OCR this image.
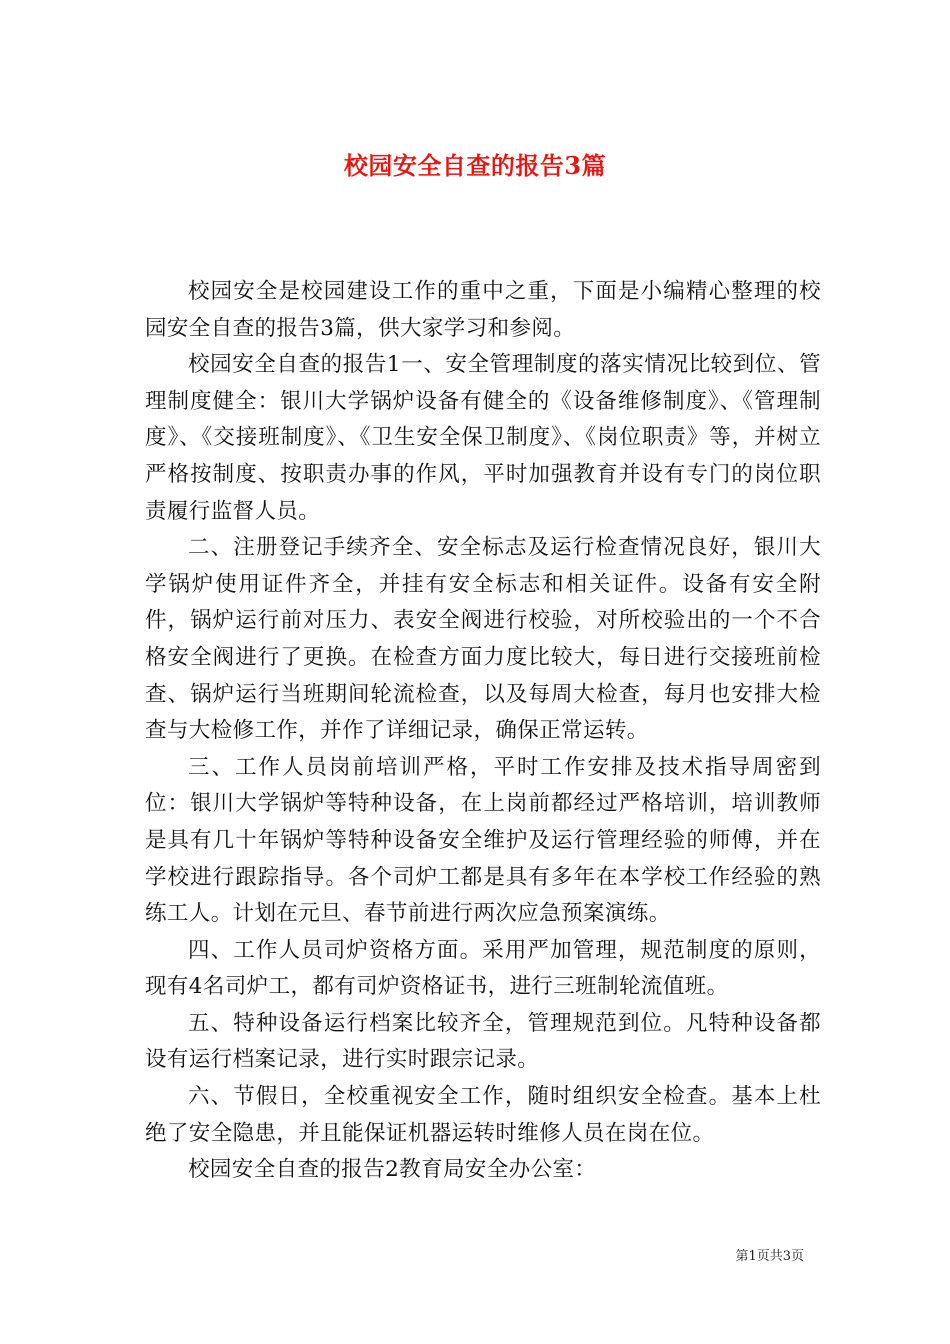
校园安全自查的报告3篇

校园安全是校园建设工作的重中之重，下面是小编精心整理的校园安全自查的报告3篇，供大家学习和参阅。

校园安全自查的报告1一、安全管理制度的落实情况比较到位、管理制度健全：银川大学锅炉设备有健全的《设备维修制度》、《管理制度》、《交接班制度》、《卫生安全保卫制度》、《岗位职责》等，并树立严格按制度、按职责办事的作风，平时加强教育并设有专门的岗位职责履行监督人员。

二、注册登记手续齐全、安全标志及运行检查情况良好，银川大学锅炉使用证件齐全，并挂有安全标志和相关证件。设备有安全附件，锅炉运行前对压力、表安全阀进行校验，对所校验出的一个不合格安全阀进行了更换。在检查方面力度比较大，每日进行交接班前检查、锅炉运行当班期间轮流检查，以及每周大检查，每月也安排大检查与大检修工作，并作了详细记录，确保正常运转。

三、工作人员岗前培训严格，平时工作安排及技术指导周密到位：银川大学锅炉等特种设备，在上岗前都经过严格培训，培训教师是具有几十年锅炉等特种设备安全维护及运行管理经验的师傅，并在学校进行跟踪指导。各个司炉工都是具有多年在本学校工作经验的熟练工人。计划在元旦、春节前进行两次应急预案演练。

四、工作人员司炉资格方面。采用严加管理，规范制度的原则，现有4名司炉工，都有司炉资格证书，进行三班制轮流值班。

五、特种设备运行档案比较齐全，管理规范到位。凡特种设备都设有运行档案记录，进行实时跟宗记录。

六、节假日，全校重视安全工作，随时组织安全检查。基本上杜绝了安全隐患，并且能保证机器运转时维修人员在岗在位。

校园安全自查的报告2教育局安全办公室：

第1页共3页
